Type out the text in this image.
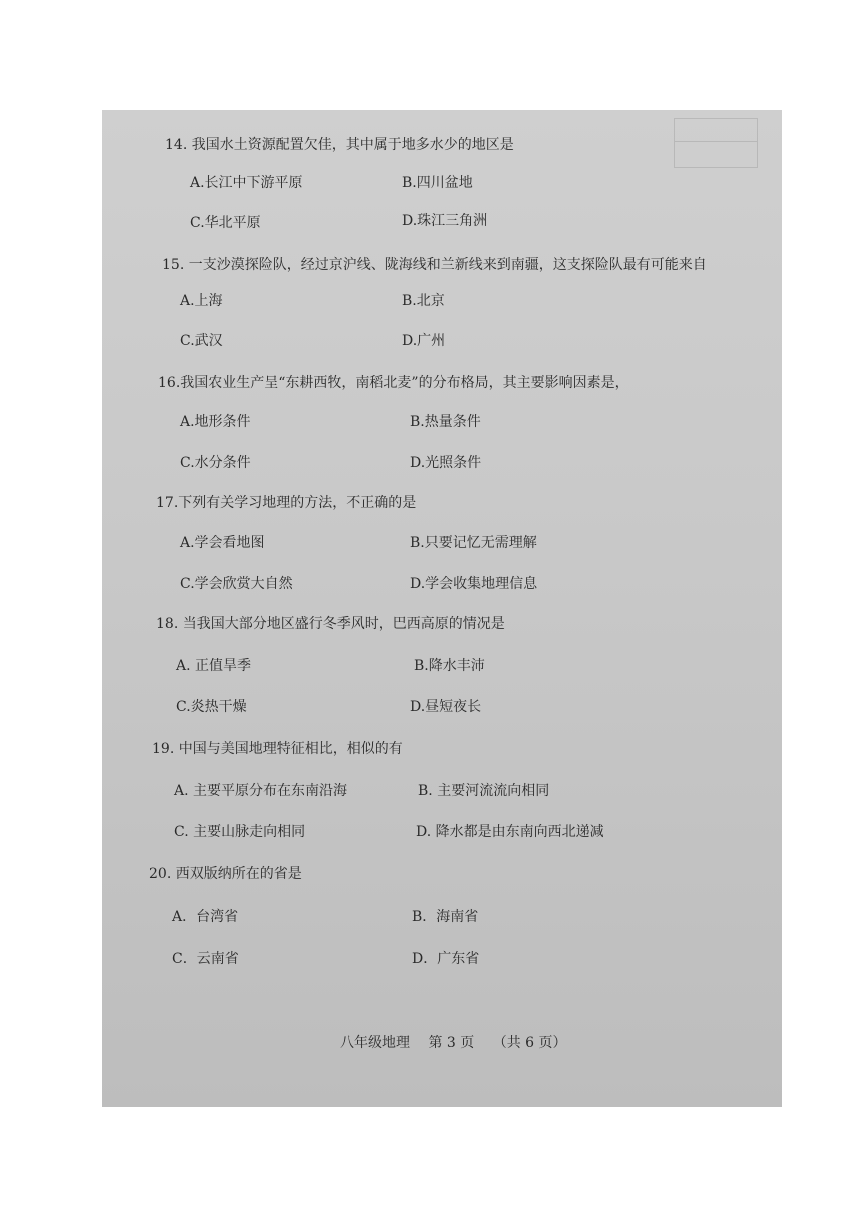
14. 我国水土资源配置欠佳，其中属于地多水少的地区是
A.长江中下游平原	B.四川盆地
C.华北平原	D.珠江三角洲
15. 一支沙漠探险队，经过京沪线、陇海线和兰新线来到南疆，这支探险队最有可能来自
A.上海	B.北京
C.武汉	D.广州
16.我国农业生产呈“东耕西牧，南稻北麦”的分布格局，其主要影响因素是，
A.地形条件	B.热量条件
C.水分条件	D.光照条件
17.下列有关学习地理的方法，不正确的是
A.学会看地图	B.只要记忆无需理解
C.学会欣赏大自然	D.学会收集地理信息
18. 当我国大部分地区盛行冬季风时，巴西高原的情况是
A. 正值旱季	B.降水丰沛
C.炎热干燥	D.昼短夜长
19. 中国与美国地理特征相比，相似的有
A. 主要平原分布在东南沿海	B. 主要河流流向相同
C. 主要山脉走向相同	D. 降水都是由东南向西北递减
20. 西双版纳所在的省是
A．台湾省	B．海南省
C．云南省	D．广东省
八年级地理 第 3 页 （共 6 页）
